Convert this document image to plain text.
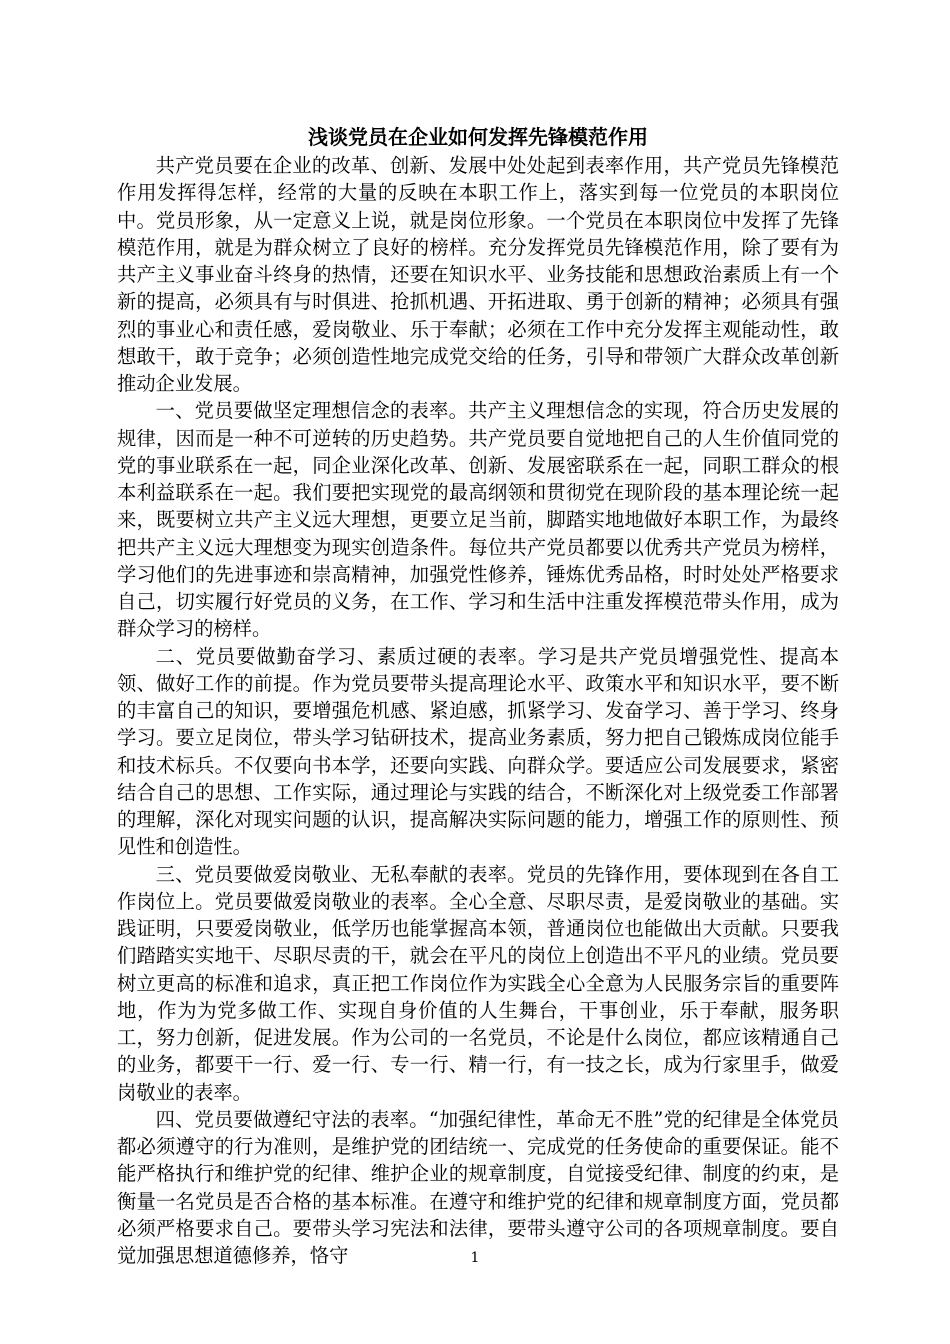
浅谈党员在企业如何发挥先锋模范作用

共产党员要在企业的改革、创新、发展中处处起到表率作用，共产党员先锋模范作用发挥得怎样，经常的大量的反映在本职工作上，落实到每一位党员的本职岗位中。党员形象，从一定意义上说，就是岗位形象。一个党员在本职岗位中发挥了先锋模范作用，就是为群众树立了良好的榜样。充分发挥党员先锋模范作用，除了要有为共产主义事业奋斗终身的热情，还要在知识水平、业务技能和思想政治素质上有一个新的提高，必须具有与时俱进、抢抓机遇、开拓进取、勇于创新的精神；必须具有强烈的事业心和责任感，爱岗敬业、乐于奉献；必须在工作中充分发挥主观能动性，敢想敢干，敢于竞争；必须创造性地完成党交给的任务，引导和带领广大群众改革创新推动企业发展。

一、党员要做坚定理想信念的表率。共产主义理想信念的实现，符合历史发展的规律，因而是一种不可逆转的历史趋势。共产党员要自觉地把自己的人生价值同党的党的事业联系在一起，同企业深化改革、创新、发展密联系在一起，同职工群众的根本利益联系在一起。我们要把实现党的最高纲领和贯彻党在现阶段的基本理论统一起来，既要树立共产主义远大理想，更要立足当前，脚踏实地地做好本职工作，为最终把共产主义远大理想变为现实创造条件。每位共产党员都要以优秀共产党员为榜样，学习他们的先进事迹和崇高精神，加强党性修养，锤炼优秀品格，时时处处严格要求自己，切实履行好党员的义务，在工作、学习和生活中注重发挥模范带头作用，成为群众学习的榜样。

二、党员要做勤奋学习、素质过硬的表率。学习是共产党员增强党性、提高本领、做好工作的前提。作为党员要带头提高理论水平、政策水平和知识水平，要不断的丰富自己的知识，要增强危机感、紧迫感，抓紧学习、发奋学习、善于学习、终身学习。要立足岗位，带头学习钻研技术，提高业务素质，努力把自己锻炼成岗位能手和技术标兵。不仅要向书本学，还要向实践、向群众学。要适应公司发展要求，紧密结合自己的思想、工作实际，通过理论与实践的结合，不断深化对上级党委工作部署的理解，深化对现实问题的认识，提高解决实际问题的能力，增强工作的原则性、预见性和创造性。

三、党员要做爱岗敬业、无私奉献的表率。党员的先锋作用，要体现到在各自工作岗位上。党员要做爱岗敬业的表率。全心全意、尽职尽责，是爱岗敬业的基础。实践证明，只要爱岗敬业，低学历也能掌握高本领，普通岗位也能做出大贡献。只要我们踏踏实实地干、尽职尽责的干，就会在平凡的岗位上创造出不平凡的业绩。党员要树立更高的标准和追求，真正把工作岗位作为实践全心全意为人民服务宗旨的重要阵地，作为为党多做工作、实现自身价值的人生舞台，干事创业，乐于奉献，服务职工，努力创新，促进发展。作为公司的一名党员，不论是什么岗位，都应该精通自己的业务，都要干一行、爱一行、专一行、精一行，有一技之长，成为行家里手，做爱岗敬业的表率。

四、党员要做遵纪守法的表率。“加强纪律性，革命无不胜”党的纪律是全体党员都必须遵守的行为准则，是维护党的团结统一、完成党的任务使命的重要保证。能不能严格执行和维护党的纪律、维护企业的规章制度，自觉接受纪律、制度的约束，是衡量一名党员是否合格的基本标准。在遵守和维护党的纪律和规章制度方面，党员都必须严格要求自己。要带头学习宪法和法律，要带头遵守公司的各项规章制度。要自觉加强思想道德修养，恪守	1
